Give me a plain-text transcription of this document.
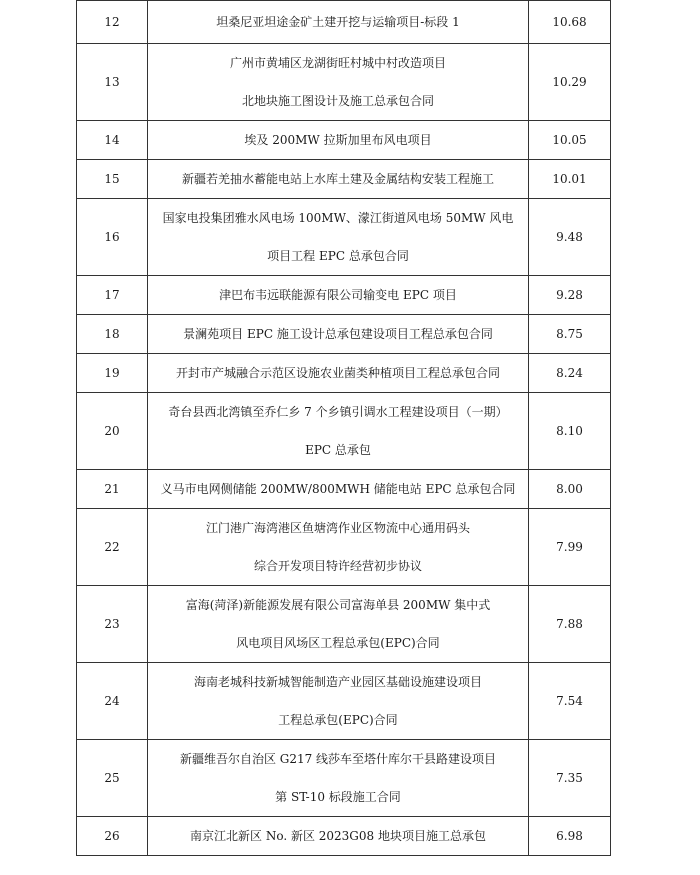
12	坦桑尼亚坦途金矿土建开挖与运输项目-标段 1	10.68
13	广州市黄埔区龙湖街旺村城中村改造项目
北地块施工图设计及施工总承包合同	10.29
14	埃及 200MW 拉斯加里布风电项目	10.05
15	新疆若羌抽水蓄能电站上水库土建及金属结构安装工程施工	10.01
16	国家电投集团雅水风电场 100MW、濛江街道风电场 50MW 风电
项目工程 EPC 总承包合同	9.48
17	津巴布韦远联能源有限公司输变电 EPC 项目	9.28
18	景澜苑项目 EPC 施工设计总承包建设项目工程总承包合同	8.75
19	开封市产城融合示范区设施农业菌类种植项目工程总承包合同	8.24
20	奇台县西北湾镇至乔仁乡 7 个乡镇引调水工程建设项目（一期）
EPC 总承包	8.10
21	义马市电网侧储能 200MW/800MWH 储能电站 EPC 总承包合同	8.00
22	江门港广海湾港区鱼塘湾作业区物流中心通用码头
综合开发项目特许经营初步协议	7.99
23	富海(菏泽)新能源发展有限公司富海单县 200MW 集中式
风电项目风场区工程总承包(EPC)合同	7.88
24	海南老城科技新城智能制造产业园区基础设施建设项目
工程总承包(EPC)合同	7.54
25	新疆维吾尔自治区 G217 线莎车至塔什库尔干县路建设项目
第 ST-10 标段施工合同	7.35
26	南京江北新区 No. 新区 2023G08 地块项目施工总承包	6.98
